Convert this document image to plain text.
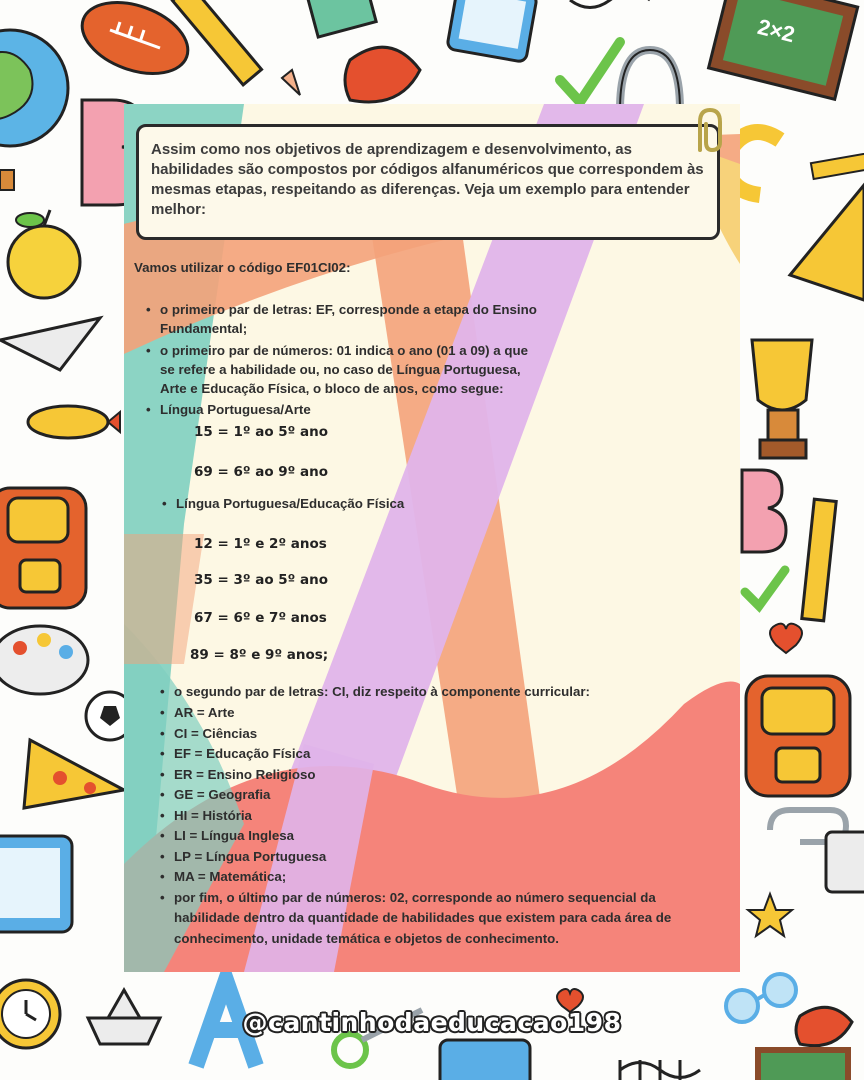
2×2

Assim como nos objetivos de aprendizagem e desenvolvimento, as habilidades são compostos por códigos alfanuméricos que correspondem às mesmas etapas, respeitando as diferenças. Veja um exemplo para entender melhor:

Vamos utilizar o código EF01CI02:
• o primeiro par de letras: EF, corresponde a etapa do Ensino
Fundamental;
• o primeiro par de números: 01 indica o ano (01 a 09) a que
se refere a habilidade ou, no caso de Língua Portuguesa,
Arte e Educação Física, o bloco de anos, como segue:
• Língua Portuguesa/Arte
15 = 1º ao 5º ano
69 = 6º ao 9º ano
• Língua Portuguesa/Educação Física
12 = 1º e 2º anos
35 = 3º ao 5º ano
67 = 6º e 7º anos
89 = 8º e 9º anos;
• o segundo par de letras: CI, diz respeito à componente curricular:
• AR = Arte
• CI = Ciências
• EF = Educação Física
• ER = Ensino Religioso
• GE = Geografia
• HI = História
• LI = Língua Inglesa
• LP = Língua Portuguesa
• MA = Matemática;
• por fim, o último par de números: 02, corresponde ao número sequencial da
habilidade dentro da quantidade de habilidades que existem para cada área de
conhecimento, unidade temática e objetos de conhecimento.
@cantinhodaeducacao198
